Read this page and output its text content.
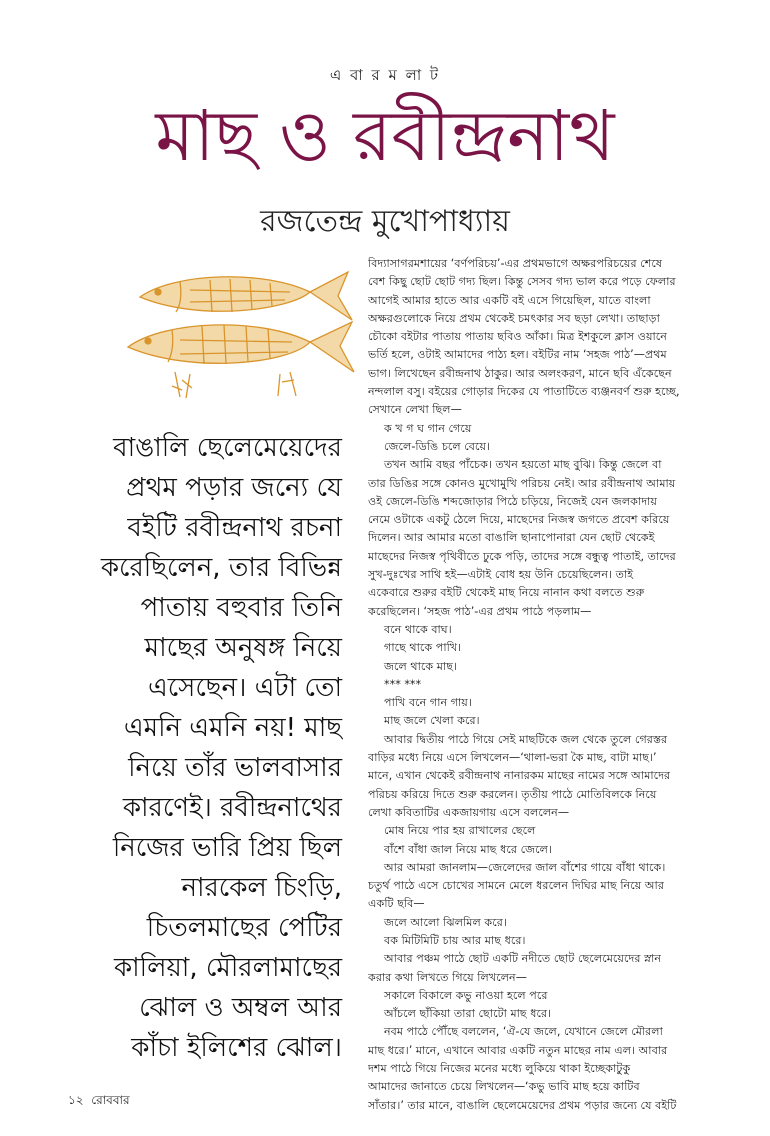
এ বা র ম লা ট
মাছ ও রবীন্দ্রনাথ
রজতেন্দ্র মুখোপাধ্যায়
বাঙালি ছেলেমেয়েদের
প্রথম পড়ার জন্যে যে
বইটি রবীন্দ্রনাথ রচনা
করেছিলেন, তার বিভিন্ন
পাতায় বহুবার তিনি
মাছের অনুষঙ্গ নিয়ে
এসেছেন। এটা তো
এমনি এমনি নয়! মাছ
নিয়ে তাঁর ভালবাসার
কারণেই। রবীন্দ্রনাথের
নিজের ভারি প্রিয় ছিল
নারকেল চিংড়ি,
চিতলমাছের পেটির
কালিয়া, মৌরলামাছের
ঝোল ও অম্বল আর
কাঁচা ইলিশের ঝোল।
বিদ্যাসাগরমশায়ের ‘বর্ণপরিচয়’-এর প্রথমভাগে অক্ষরপরিচয়ের শেষে
বেশ কিছু ছোট ছোট গদ্য ছিল। কিন্তু সেসব গদ্য ভাল করে পড়ে ফেলার
আগেই আমার হাতে আর একটি বই এসে গিয়েছিল, যাতে বাংলা
অক্ষরগুলোকে নিয়ে প্রথম থেকেই চমৎকার সব ছড়া লেখা। তাছাড়া
চৌকো বইটার পাতায় পাতায় ছবিও আঁকা। মিত্র ইশকুলে ক্লাস ওয়ানে
ভর্তি হলে, ওটাই আমাদের পাঠ্য হল। বইটির নাম ‘সহজ পাঠ’—প্রথম
ভাগ। লিখেছেন রবীন্দ্রনাথ ঠাকুর। আর অলংকরণ, মানে ছবি এঁকেছেন
নন্দলাল বসু। বইয়ের গোড়ার দিকের যে পাতাটিতে ব্যঞ্জনবর্ণ শুরু হচ্ছে,
সেখানে লেখা ছিল—
ক খ গ ঘ গান গেয়ে
জেলে-ডিঙি চলে বেয়ে।
তখন আমি বছর পাঁচেক। তখন হয়তো মাছ বুঝি। কিন্তু জেলে বা
তার ডিঙির সঙ্গে কোনও মুখোমুখি পরিচয় নেই। আর রবীন্দ্রনাথ আমায়
ওই জেলে-ডিঙি শব্দজোড়ার পিঠে চড়িয়ে, নিজেই যেন জলকাদায়
নেমে ওটাকে একটু ঠেলে দিয়ে, মাছেদের নিজস্ব জগতে প্রবেশ করিয়ে
দিলেন। আর আমার মতো বাঙালি ছানাপোনারা যেন ছোট থেকেই
মাছেদের নিজস্ব পৃথিবীতে ঢুকে পড়ি, তাদের সঙ্গে বন্ধুত্ব পাতাই, তাদের
সুখ-দুঃখের সাথি হই—এটাই বোধ হয় উনি চেয়েছিলেন। তাই
একেবারে শুরুর বইটি থেকেই মাছ নিয়ে নানান কথা বলতে শুরু
করেছিলেন। ‘সহজ পাঠ’-এর প্রথম পাঠে পড়লাম—
বনে থাকে বাঘ।
গাছে থাকে পাখি।
জলে থাকে মাছ।
*** ***
পাখি বনে গান গায়।
মাছ জলে খেলা করে।
আবার দ্বিতীয় পাঠে গিয়ে সেই মাছটিকে জল থেকে তুলে গেরস্তর
বাড়ির মধ্যে নিয়ে এসে লিখলেন—‘থালা-ভরা কৈ মাছ, বাটা মাছ।’
মানে, এখান থেকেই রবীন্দ্রনাথ নানারকম মাছের নামের সঙ্গে আমাদের
পরিচয় করিয়ে দিতে শুরু করলেন। তৃতীয় পাঠে মোতিবিলকে নিয়ে
লেখা কবিতাটির একজায়গায় এসে বললেন—
মোষ নিয়ে পার হয় রাখালের ছেলে
বাঁশে বাঁধা জাল নিয়ে মাছ ধরে জেলে।
আর আমরা জানলাম—জেলেদের জাল বাঁশের গায়ে বাঁধা থাকে।
চতুর্থ পাঠে এসে চোখের সামনে মেলে ধরলেন দিঘির মাছ নিয়ে আর
একটি ছবি—
জলে আলো ঝিলমিল করে।
বক মিটিমিটি চায় আর মাছ ধরে।
আবার পঞ্চম পাঠে ছোট একটি নদীতে ছোট ছেলেমেয়েদের স্নান
করার কথা লিখতে গিয়ে লিখলেন—
সকালে বিকালে কভু নাওয়া হলে পরে
আঁচলে ছাঁকিয়া তারা ছোটো মাছ ধরে।
নবম পাঠে পৌঁছে বললেন, ‘ঐ-যে জলে, যেখানে জেলে মৌরলা
মাছ ধরে।’ মানে, এখানে আবার একটি নতুন মাছের নাম এল। আবার
দশম পাঠে গিয়ে নিজের মনের মধ্যে লুকিয়ে থাকা ইচ্ছেকাটুকু
আমাদের জানাতে চেয়ে লিখলেন—‘কভু ভাবি মাছ হয়ে কাটিব
সাঁতার।’ তার মানে, বাঙালি ছেলেমেয়েদের প্রথম পড়ার জন্যে যে বইটি
১২ রোববার
